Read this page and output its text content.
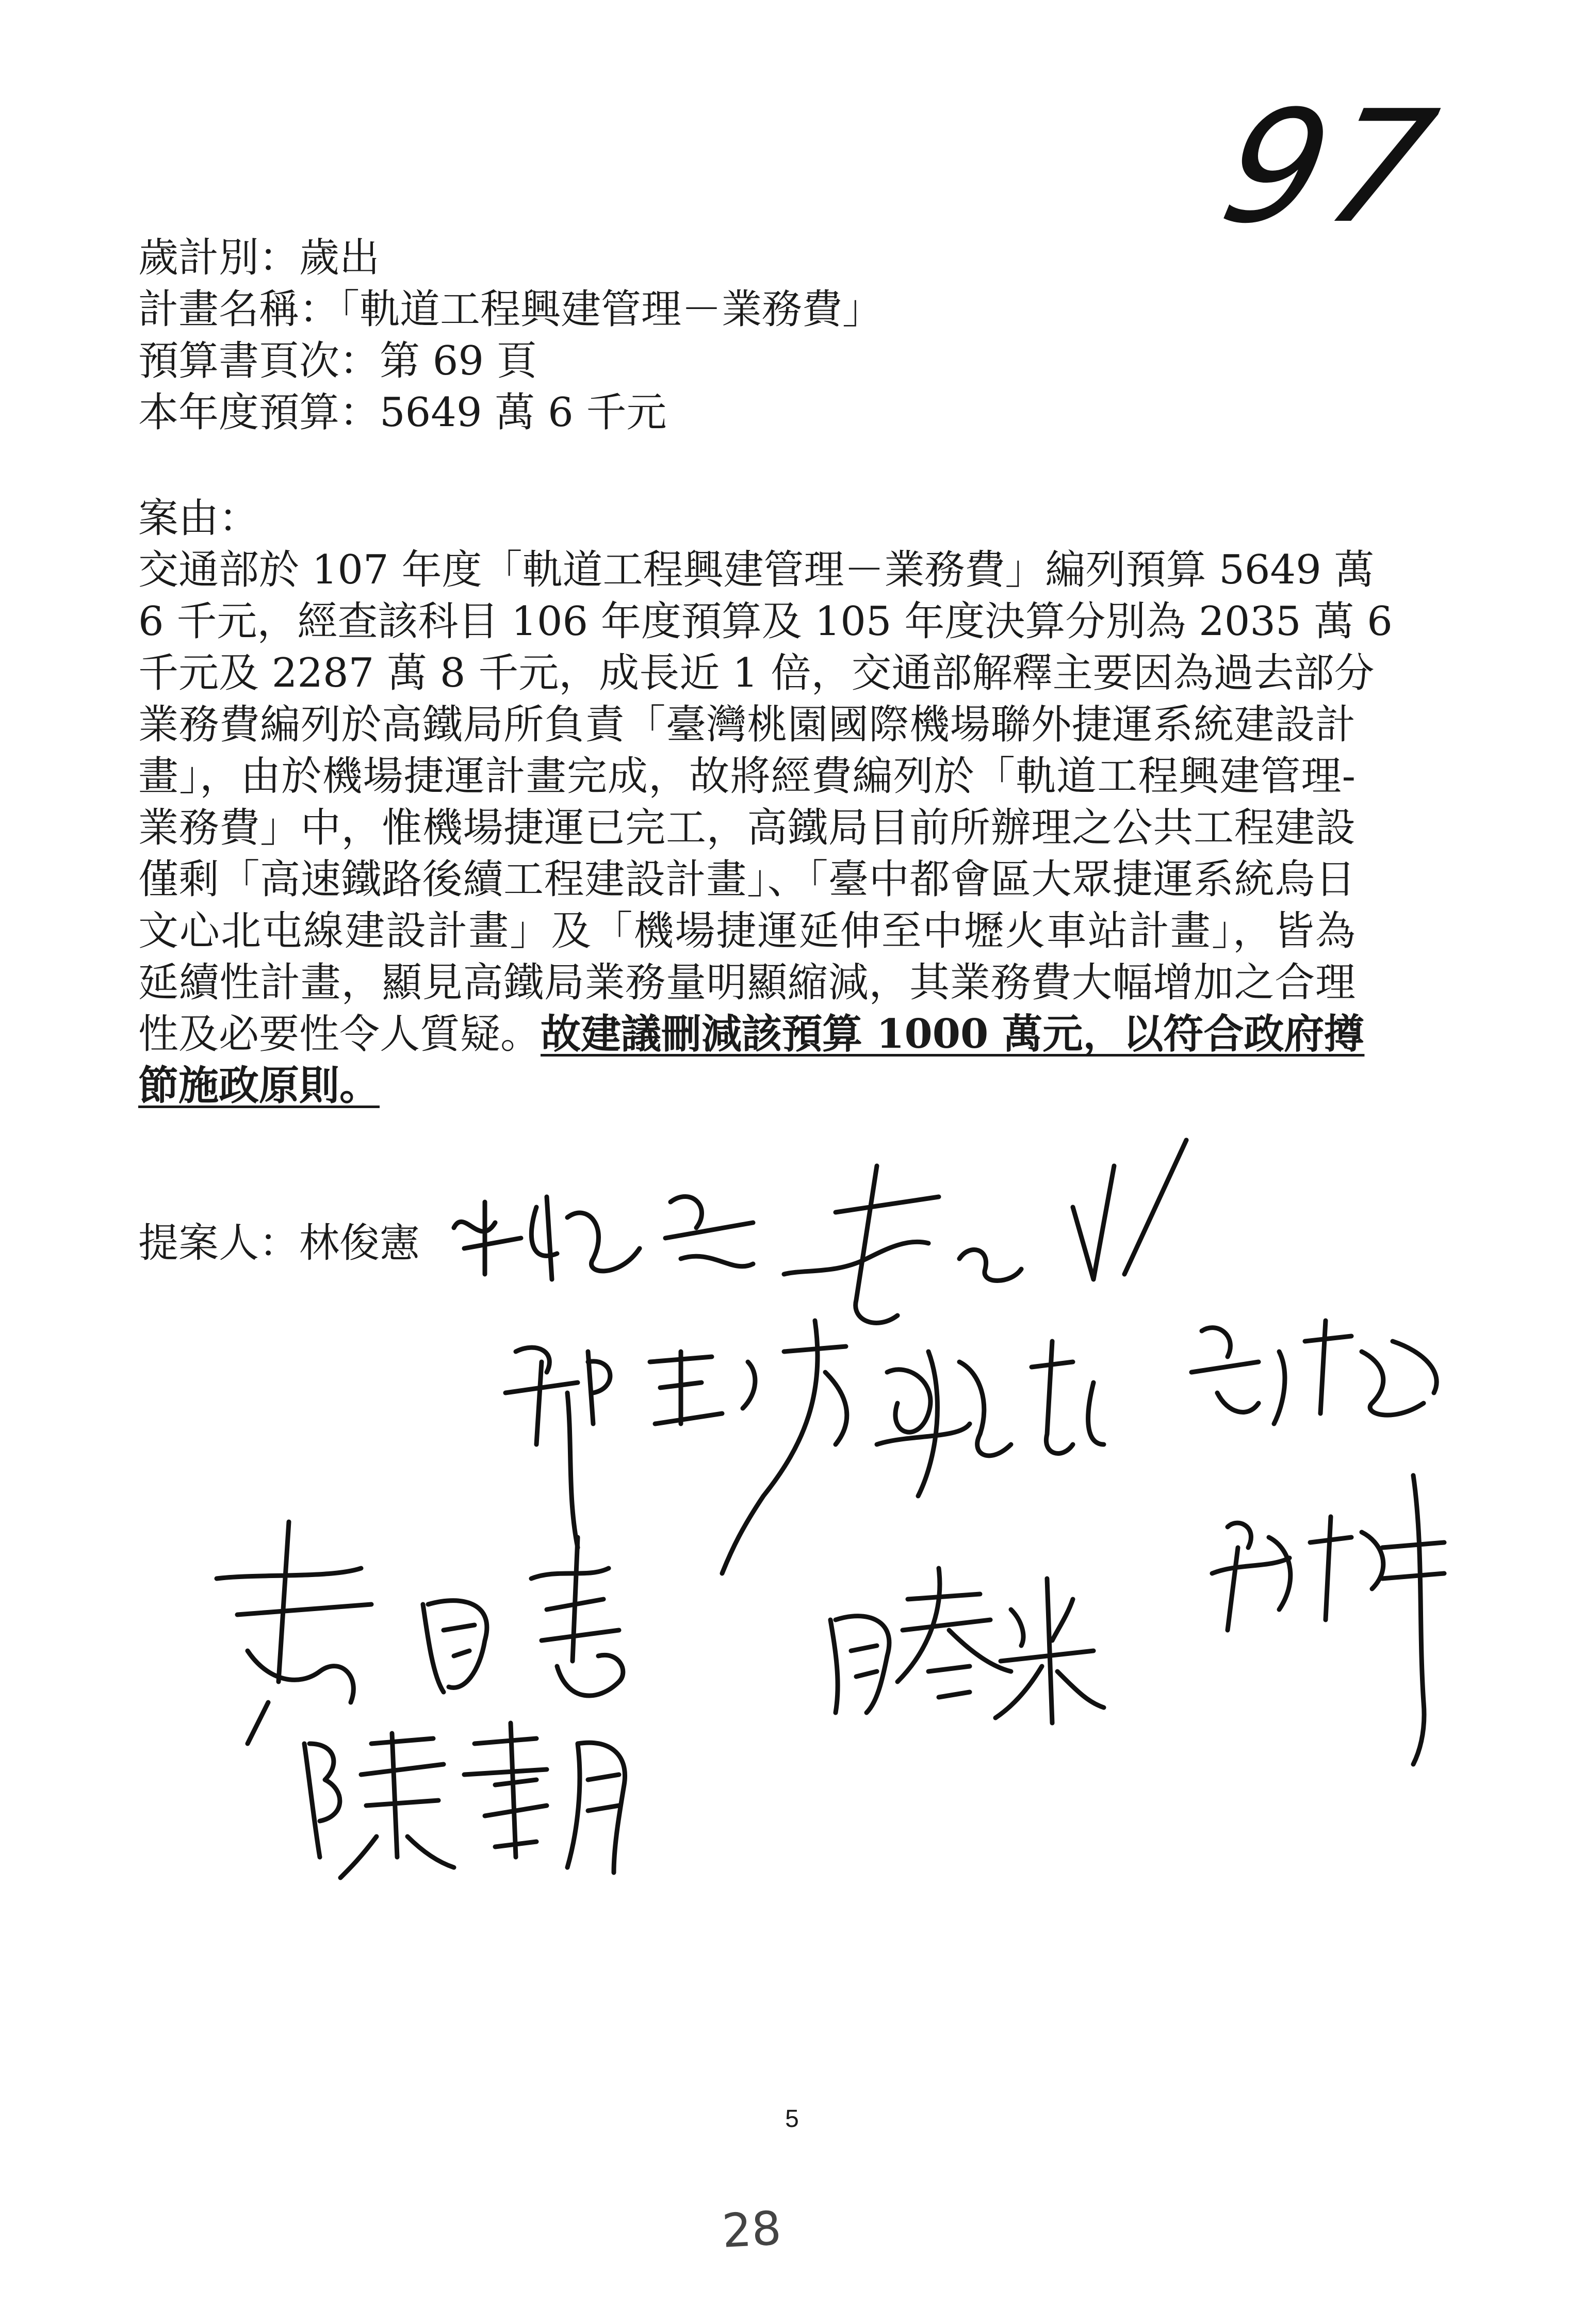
97
歲計別：歲出
計畫名稱：「軌道工程興建管理－業務費」
預算書頁次：第 69 頁
本年度預算：5649 萬 6 千元
案由：
交通部於 107 年度「軌道工程興建管理－業務費」編列預算 5649 萬
6 千元，經查該科目 106 年度預算及 105 年度決算分別為 2035 萬 6
千元及 2287 萬 8 千元，成長近 1 倍，交通部解釋主要因為過去部分
業務費編列於高鐵局所負責「臺灣桃園國際機場聯外捷運系統建設計
畫」，由於機場捷運計畫完成，故將經費編列於「軌道工程興建管理-
業務費」中，惟機場捷運已完工，高鐵局目前所辦理之公共工程建設
僅剩「高速鐵路後續工程建設計畫」、「臺中都會區大眾捷運系統烏日
文心北屯線建設計畫」及「機場捷運延伸至中壢火車站計畫」，皆為
延續性計畫，顯見高鐵局業務量明顯縮減，其業務費大幅增加之合理
性及必要性令人質疑。故建議刪減該預算 1000 萬元，以符合政府撙
節施政原則。
提案人：林俊憲
5
28
